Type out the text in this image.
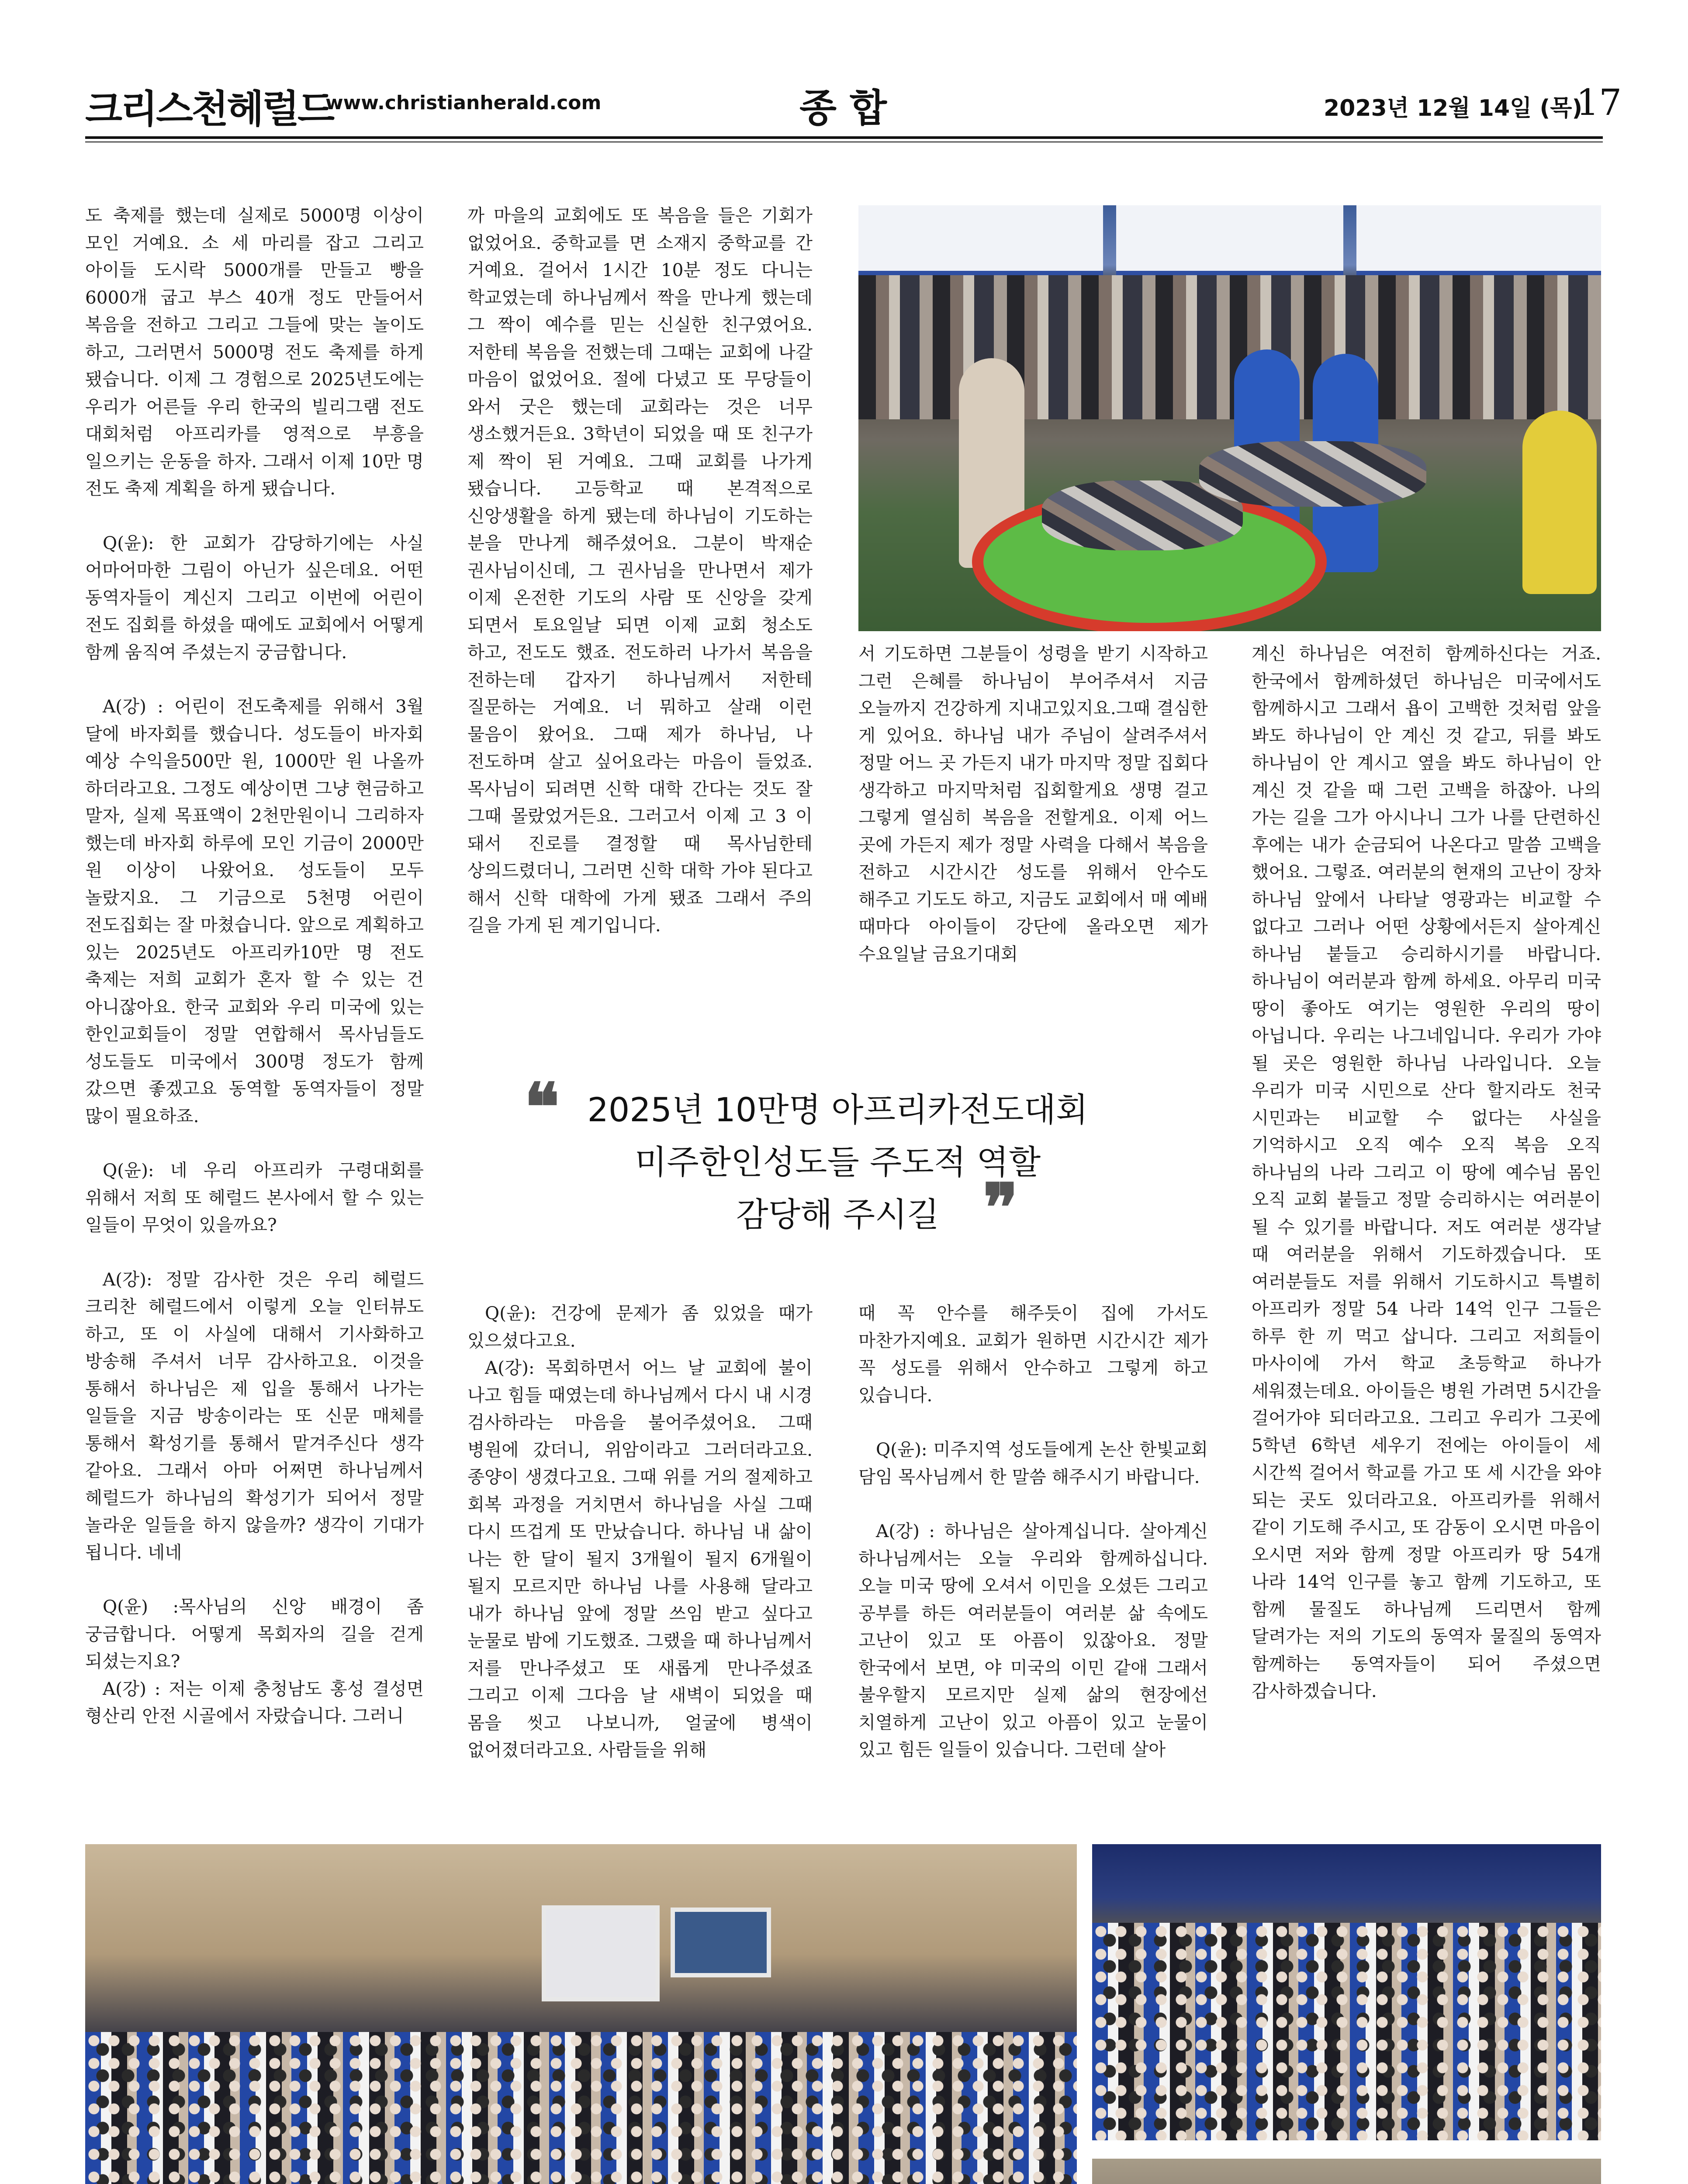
크리스천헤럴드
www.christianherald.com	종합	2023년 12월 14일 (목)
17

도 축제를 했는데 실제로 5000명 이상이 모인 거예요. 소 세 마리를 잡고 그리고 아이들 도시락 5000개를 만들고 빵을 6000개 굽고 부스 40개 정도 만들어서 복음을 전하고 그리고 그들에 맞는 놀이도 하고, 그러면서 5000명 전도 축제를 하게 됐습니다. 이제 그 경험으로 2025년도에는 우리가 어른들 우리 한국의 빌리그램 전도 대회처럼 아프리카를 영적으로 부흥을 일으키는 운동을 하자. 그래서 이제 10만 명 전도 축제 계획을 하게 됐습니다.

Q(윤): 한 교회가 감당하기에는 사실 어마어마한 그림이 아닌가 싶은데요. 어떤 동역자들이 계신지 그리고 이번에 어린이 전도 집회를 하셨을 때에도 교회에서 어떻게 함께 움직여 주셨는지 궁금합니다.

A(강) : 어린이 전도축제를 위해서 3월 달에 바자회를 했습니다. 성도들이 바자회 예상 수익을500만 원, 1000만 원 나올까 하더라고요. 그정도 예상이면 그냥 현금하고 말자, 실제 목표액이 2천만원이니 그리하자 했는데 바자회 하루에 모인 기금이 2000만 원 이상이 나왔어요. 성도들이 모두 놀랐지요. 그 기금으로 5천명 어린이 전도집회는 잘 마쳤습니다. 앞으로 계획하고 있는 2025년도 아프리카10만 명 전도 축제는 저희 교회가 혼자 할 수 있는 건 아니잖아요. 한국 교회와 우리 미국에 있는 한인교회들이 정말 연합해서 목사님들도 성도들도 미국에서 300명 정도가 함께 갔으면 좋겠고요 동역할 동역자들이 정말 많이 필요하죠.

Q(윤): 네 우리 아프리카 구령대회를 위해서 저희 또 헤럴드 본사에서 할 수 있는 일들이 무엇이 있을까요?

A(강): 정말 감사한 것은 우리 헤럴드 크리찬 헤럴드에서 이렇게 오늘 인터뷰도 하고, 또 이 사실에 대해서 기사화하고 방송해 주셔서 너무 감사하고요. 이것을 통해서 하나님은 제 입을 통해서 나가는 일들을 지금 방송이라는 또 신문 매체를 통해서 확성기를 통해서 맡겨주신다 생각 같아요. 그래서 아마 어쩌면 하나님께서 헤럴드가 하나님의 확성기가 되어서 정말 놀라운 일들을 하지 않을까? 생각이 기대가 됩니다. 네네

Q(윤) :목사님의 신앙 배경이 좀 궁금합니다. 어떻게 목회자의 길을 걷게 되셨는지요?

A(강) : 저는 이제 충청남도 홍성 결성면 형산리 안전 시골에서 자랐습니다. 그러니

까 마을의 교회에도 또 복음을 들은 기회가 없었어요. 중학교를 면 소재지 중학교를 간 거예요. 걸어서 1시간 10분 정도 다니는 학교였는데 하나님께서 짝을 만나게 했는데 그 짝이 예수를 믿는 신실한 친구였어요. 저한테 복음을 전했는데 그때는 교회에 나갈 마음이 없었어요. 절에 다녔고 또 무당들이 와서 굿은 했는데 교회라는 것은 너무 생소했거든요. 3학년이 되었을 때 또 친구가 제 짝이 된 거예요. 그때 교회를 나가게 됐습니다. 고등학교 때 본격적으로 신앙생활을 하게 됐는데 하나님이 기도하는 분을 만나게 해주셨어요. 그분이 박재순 권사님이신데, 그 권사님을 만나면서 제가 이제 온전한 기도의 사람 또 신앙을 갖게 되면서 토요일날 되면 이제 교회 청소도 하고, 전도도 했죠. 전도하러 나가서 복음을 전하는데 갑자기 하나님께서 저한테 질문하는 거예요. 너 뭐하고 살래 이런 물음이 왔어요. 그때 제가 하나님, 나 전도하며 살고 싶어요라는 마음이 들었죠. 목사님이 되려면 신학 대학 간다는 것도 잘 그때 몰랐었거든요. 그러고서 이제 고 3 이 돼서 진로를 결정할 때 목사님한테 상의드렸더니, 그러면 신학 대학 가야 된다고 해서 신학 대학에 가게 됐죠 그래서 주의 길을 가게 된 계기입니다.

서 기도하면 그분들이 성령을 받기 시작하고 그런 은혜를 하나님이 부어주셔서 지금 오늘까지 건강하게 지내고있지요.그때 결심한 게 있어요. 하나님 내가 주님이 살려주셔서 정말 어느 곳 가든지 내가 마지막 정말 집회다 생각하고 마지막처럼 집회할게요 생명 걸고 그렇게 열심히 복음을 전할게요. 이제 어느 곳에 가든지 제가 정말 사력을 다해서 복음을 전하고 시간시간 성도를 위해서 안수도 해주고 기도도 하고, 지금도 교회에서 매 예배 때마다 아이들이 강단에 올라오면 제가 수요일날 금요기대회

계신 하나님은 여전히 함께하신다는 거죠. 한국에서 함께하셨던 하나님은 미국에서도 함께하시고 그래서 욥이 고백한 것처럼 앞을 봐도 하나님이 안 계신 것 같고, 뒤를 봐도 하나님이 안 계시고 옆을 봐도 하나님이 안 계신 것 같을 때 그런 고백을 하잖아. 나의 가는 길을 그가 아시나니 그가 나를 단련하신 후에는 내가 순금되어 나온다고 말씀 고백을 했어요. 그렇죠. 여러분의 현재의 고난이 장차 하나님 앞에서 나타날 영광과는 비교할 수 없다고 그러나 어떤 상황에서든지 살아계신 하나님 붙들고 승리하시기를 바랍니다. 하나님이 여러분과 함께 하세요. 아무리 미국 땅이 좋아도 여기는 영원한 우리의 땅이 아닙니다. 우리는 나그네입니다. 우리가 가야 될 곳은 영원한 하나님 나라입니다. 오늘 우리가 미국 시민으로 산다 할지라도 천국 시민과는 비교할 수 없다는 사실을 기억하시고 오직 예수 오직 복음 오직 하나님의 나라 그리고 이 땅에 예수님 몸인 오직 교회 붙들고 정말 승리하시는 여러분이 될 수 있기를 바랍니다. 저도 여러분 생각날 때 여러분을 위해서 기도하겠습니다. 또 여러분들도 저를 위해서 기도하시고 특별히 아프리카 정말 54 나라 14억 인구 그들은 하루 한 끼 먹고 삽니다. 그리고 저희들이 마사이에 가서 학교 초등학교 하나가 세워졌는데요. 아이들은 병원 가려면 5시간을 걸어가야 되더라고요. 그리고 우리가 그곳에 5학년 6학년 세우기 전에는 아이들이 세 시간씩 걸어서 학교를 가고 또 세 시간을 와야 되는 곳도 있더라고요. 아프리카를 위해서 같이 기도해 주시고, 또 감동이 오시면 마음이 오시면 저와 함께 정말 아프리카 땅 54개 나라 14억 인구를 놓고 함께 기도하고, 또 함께 물질도 하나님께 드리면서 함께 달려가는 저의 기도의 동역자 물질의 동역자 함께하는 동역자들이 되어 주셨으면 감사하겠습니다.

❝ 2025년 10만명 아프리카전도대회
미주한인성도들 주도적 역할
감당해 주시길 ❞

Q(윤): 건강에 문제가 좀 있었을 때가 있으셨다고요.

A(강): 목회하면서 어느 날 교회에 불이 나고 힘들 때였는데 하나님께서 다시 내 시경 검사하라는 마음을 불어주셨어요. 그때 병원에 갔더니, 위암이라고 그러더라고요. 종양이 생겼다고요. 그때 위를 거의 절제하고 회복 과정을 거치면서 하나님을 사실 그때 다시 뜨겁게 또 만났습니다. 하나님 내 삶이 나는 한 달이 될지 3개월이 될지 6개월이 될지 모르지만 하나님 나를 사용해 달라고 내가 하나님 앞에 정말 쓰임 받고 싶다고 눈물로 밤에 기도했죠. 그랬을 때 하나님께서 저를 만나주셨고 또 새롭게 만나주셨죠 그리고 이제 그다음 날 새벽이 되었을 때 몸을 씻고 나보니까, 얼굴에 병색이 없어졌더라고요. 사람들을 위해

때 꼭 안수를 해주듯이 집에 가서도 마찬가지예요. 교회가 원하면 시간시간 제가 꼭 성도를 위해서 안수하고 그렇게 하고 있습니다.

Q(윤): 미주지역 성도들에게 논산 한빛교회 담임 목사님께서 한 말씀 해주시기 바랍니다.

A(강) : 하나님은 살아계십니다. 살아계신 하나님께서는 오늘 우리와 함께하십니다. 오늘 미국 땅에 오셔서 이민을 오셨든 그리고 공부를 하든 여러분들이 여러분 삶 속에도 고난이 있고 또 아픔이 있잖아요. 정말 한국에서 보면, 야 미국의 이민 같애 그래서 불우할지 모르지만 실제 삶의 현장에선 치열하게 고난이 있고 아픔이 있고 눈물이 있고 힘든 일들이 있습니다. 그런데 살아
